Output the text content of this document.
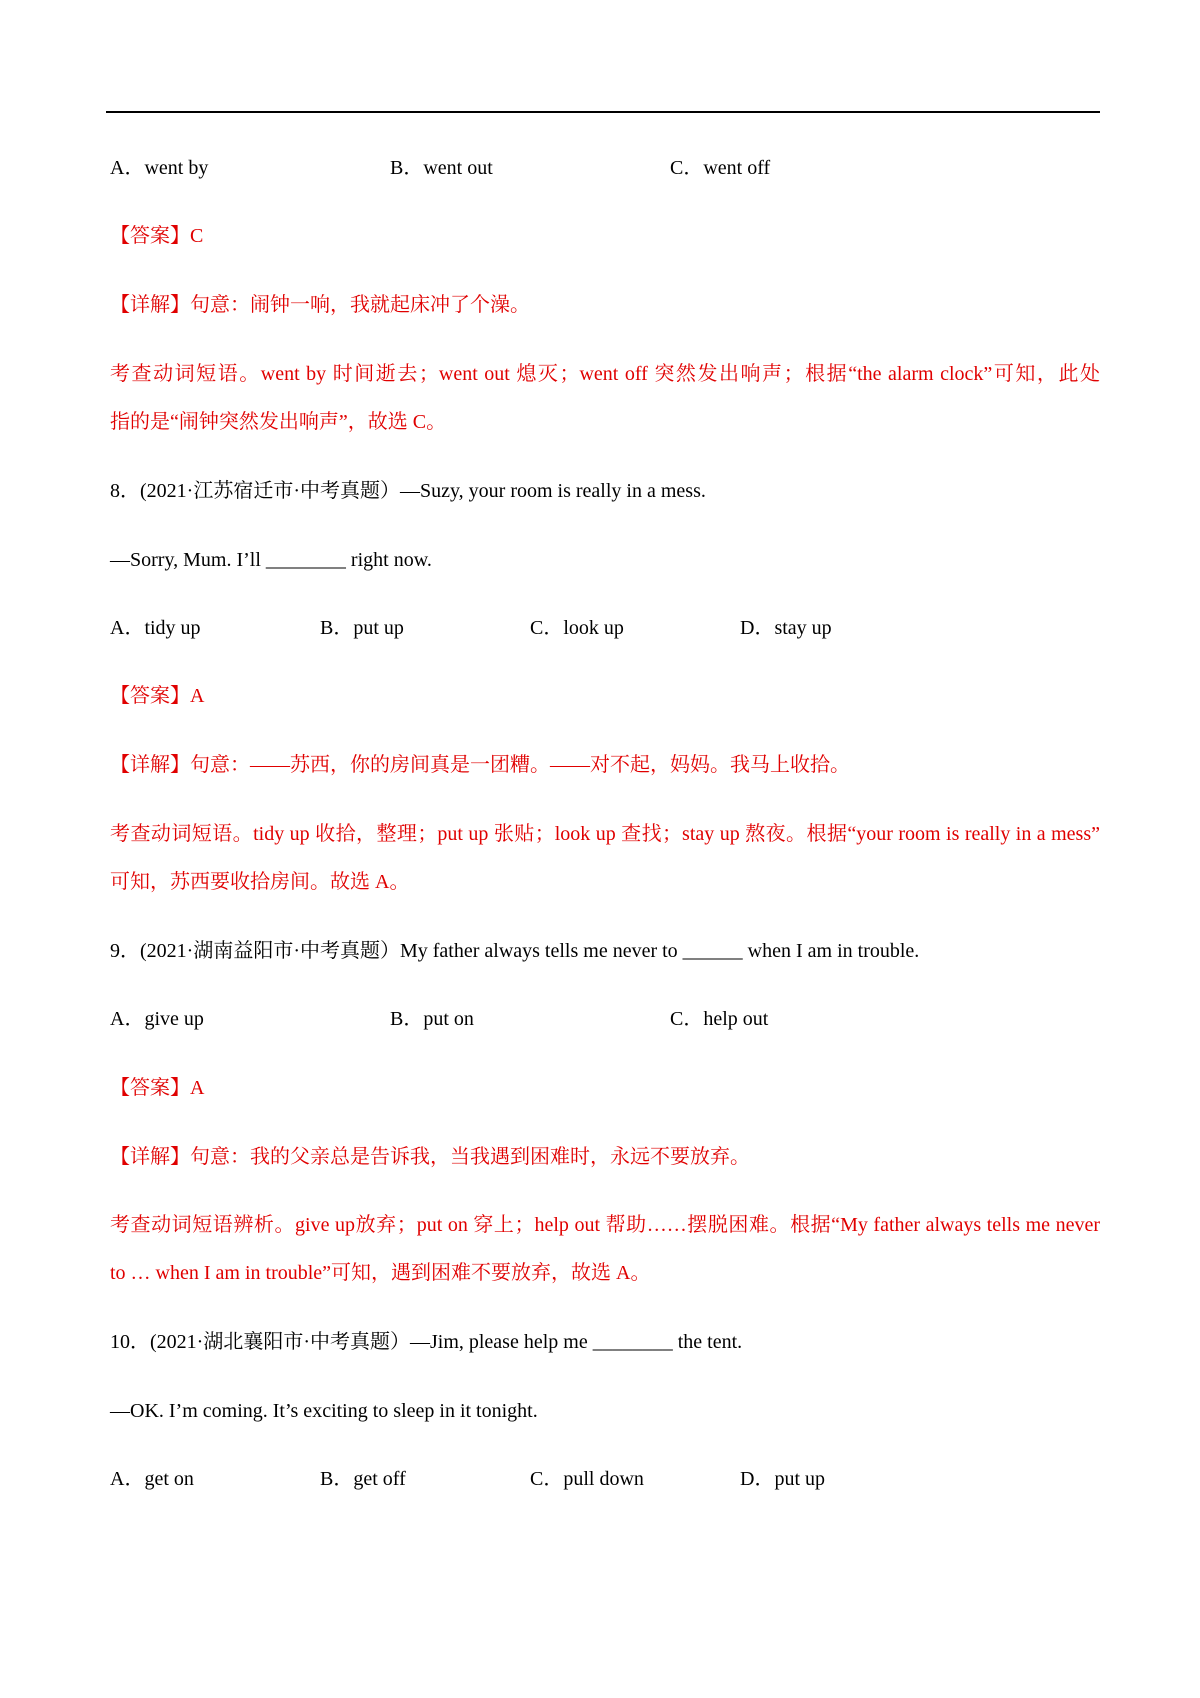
A．went by	B．went out	C．went off
【答案】C
【详解】句意：闹钟一响，我就起床冲了个澡。
考查动词短语。went by 时间逝去；went out 熄灭；went off 突然发出响声；根据“the alarm clock”可知，此处
指的是“闹钟突然发出响声”，故选 C。
8．(2021·江苏宿迁市·中考真题）—Suzy, your room is really in a mess.
—Sorry, Mum. I’ll ________ right now.
A．tidy up	B．put up	C．look up	D．stay up
【答案】A
【详解】句意：——苏西，你的房间真是一团糟。——对不起，妈妈。我马上收拾。
考查动词短语。tidy up 收拾，整理；put up 张贴；look up 查找；stay up 熬夜。根据“your room is really in a mess”
可知，苏西要收拾房间。故选 A。
9．(2021·湖南益阳市·中考真题）My father always tells me never to ______ when I am in trouble.
A．give up	B．put on	C．help out
【答案】A
【详解】句意：我的父亲总是告诉我，当我遇到困难时，永远不要放弃。
考查动词短语辨析。give up放弃；put on 穿上；help out 帮助……摆脱困难。根据“My father always tells me never
to … when I am in trouble”可知，遇到困难不要放弃，故选 A。
10．(2021·湖北襄阳市·中考真题）—Jim, please help me ________ the tent.
—OK. I’m coming. It’s exciting to sleep in it tonight.
A．get on	B．get off	C．pull down	D．put up
